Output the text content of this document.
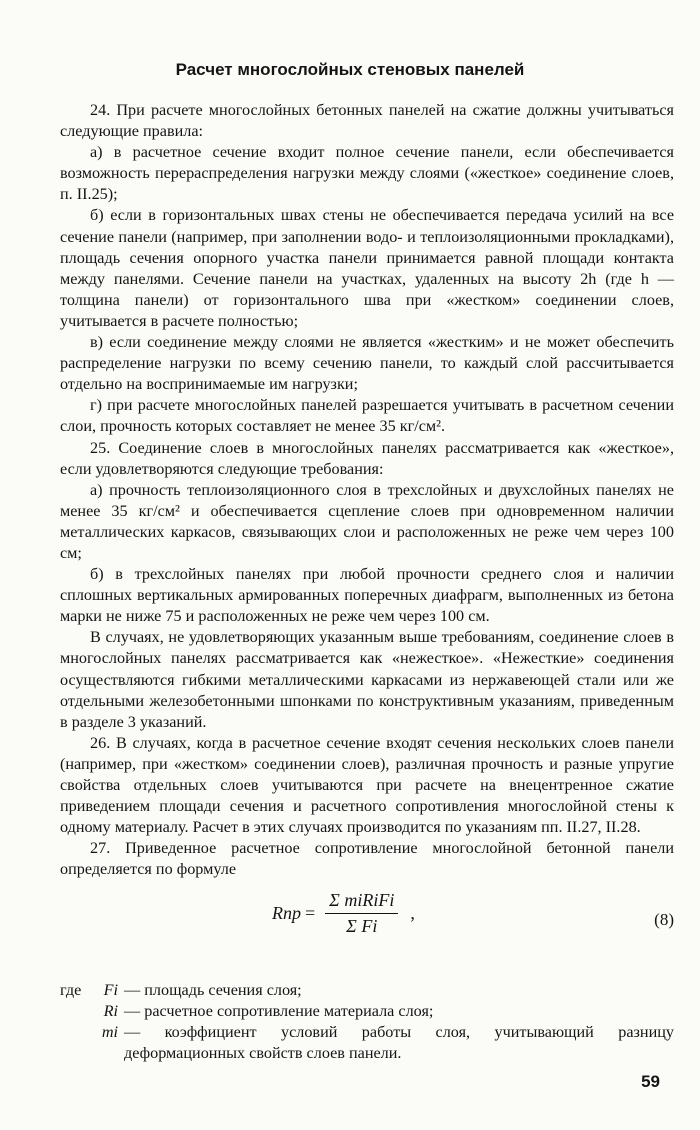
Расчет многослойных стеновых панелей

24. При расчете многослойных бетонных панелей на сжатие должны учитываться следующие правила:

а) в расчетное сечение входит полное сечение панели, если обеспечивается возможность перераспределения нагрузки между слоями («жесткое» соединение слоев, п. II.25);

б) если в горизонтальных швах стены не обеспечивается передача усилий на все сечение панели (например, при заполнении водо- и теплоизоляционными прокладками), площадь сечения опорного участка панели принимается равной площади контакта между панелями. Сечение панели на участках, удаленных на высоту 2h (где h — толщина панели) от горизонтального шва при «жестком» соединении слоев, учитывается в расчете полностью;

в) если соединение между слоями не является «жестким» и не может обеспечить распределение нагрузки по всему сечению панели, то каждый слой рассчитывается отдельно на воспринимаемые им нагрузки;

г) при расчете многослойных панелей разрешается учитывать в расчетном сечении слои, прочность которых составляет не менее 35 кг/см².

25. Соединение слоев в многослойных панелях рассматривается как «жесткое», если удовлетворяются следующие требования:

а) прочность теплоизоляционного слоя в трехслойных и двухслойных панелях не менее 35 кг/см² и обеспечивается сцепление слоев при одновременном наличии металлических каркасов, связывающих слои и расположенных не реже чем через 100 см;

б) в трехслойных панелях при любой прочности среднего слоя и наличии сплошных вертикальных армированных поперечных диафрагм, выполненных из бетона марки не ниже 75 и расположенных не реже чем через 100 см.

В случаях, не удовлетворяющих указанным выше требованиям, соединение слоев в многослойных панелях рассматривается как «нежесткое». «Нежесткие» соединения осуществляются гибкими металлическими каркасами из нержавеющей стали или же отдельными железобетонными шпонками по конструктивным указаниям, приведенным в разделе 3 указаний.

26. В случаях, когда в расчетное сечение входят сечения нескольких слоев панели (например, при «жестком» соединении слоев), различная прочность и разные упругие свойства отдельных слоев учитываются при расчете на внецентренное сжатие приведением площади сечения и расчетного сопротивления многослойной стены к одному материалу. Расчет в этих случаях производится по указаниям пп. II.27, II.28.

27. Приведенное расчетное сопротивление многослойной бетонной панели определяется по формуле

Rпр = $\frac{\text{Σ miRiFi}}{\text{Σ Fi}}$ ,	(8)
где	Fi — площадь сечения слоя;
Ri — расчетное сопротивление материала слоя;
mi — коэффициент условий работы слоя, учитывающий разницу деформационных свойств слоев панели.
59
